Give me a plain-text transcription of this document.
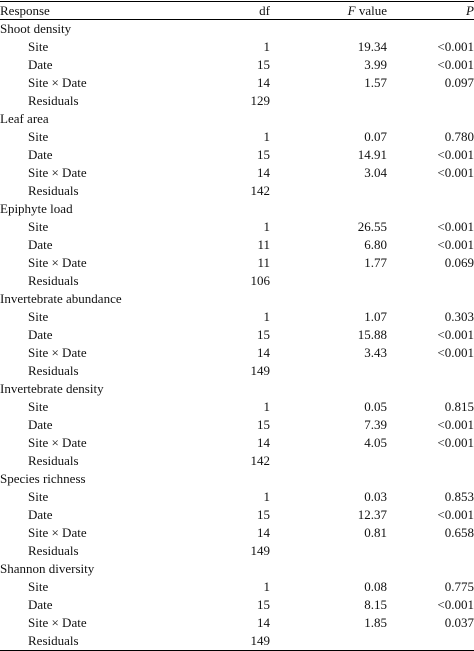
Response	df	F value	P
Shoot density			
Site	1	19.34	<0.001
Date	15	3.99	<0.001
Site × Date	14	1.57	0.097
Residuals	129		
Leaf area			
Site	1	0.07	0.780
Date	15	14.91	<0.001
Site × Date	14	3.04	<0.001
Residuals	142		
Epiphyte load			
Site	1	26.55	<0.001
Date	11	6.80	<0.001
Site × Date	11	1.77	0.069
Residuals	106		
Invertebrate abundance			
Site	1	1.07	0.303
Date	15	15.88	<0.001
Site × Date	14	3.43	<0.001
Residuals	149		
Invertebrate density			
Site	1	0.05	0.815
Date	15	7.39	<0.001
Site × Date	14	4.05	<0.001
Residuals	142		
Species richness			
Site	1	0.03	0.853
Date	15	12.37	<0.001
Site × Date	14	0.81	0.658
Residuals	149		
Shannon diversity			
Site	1	0.08	0.775
Date	15	8.15	<0.001
Site × Date	14	1.85	0.037
Residuals	149		
